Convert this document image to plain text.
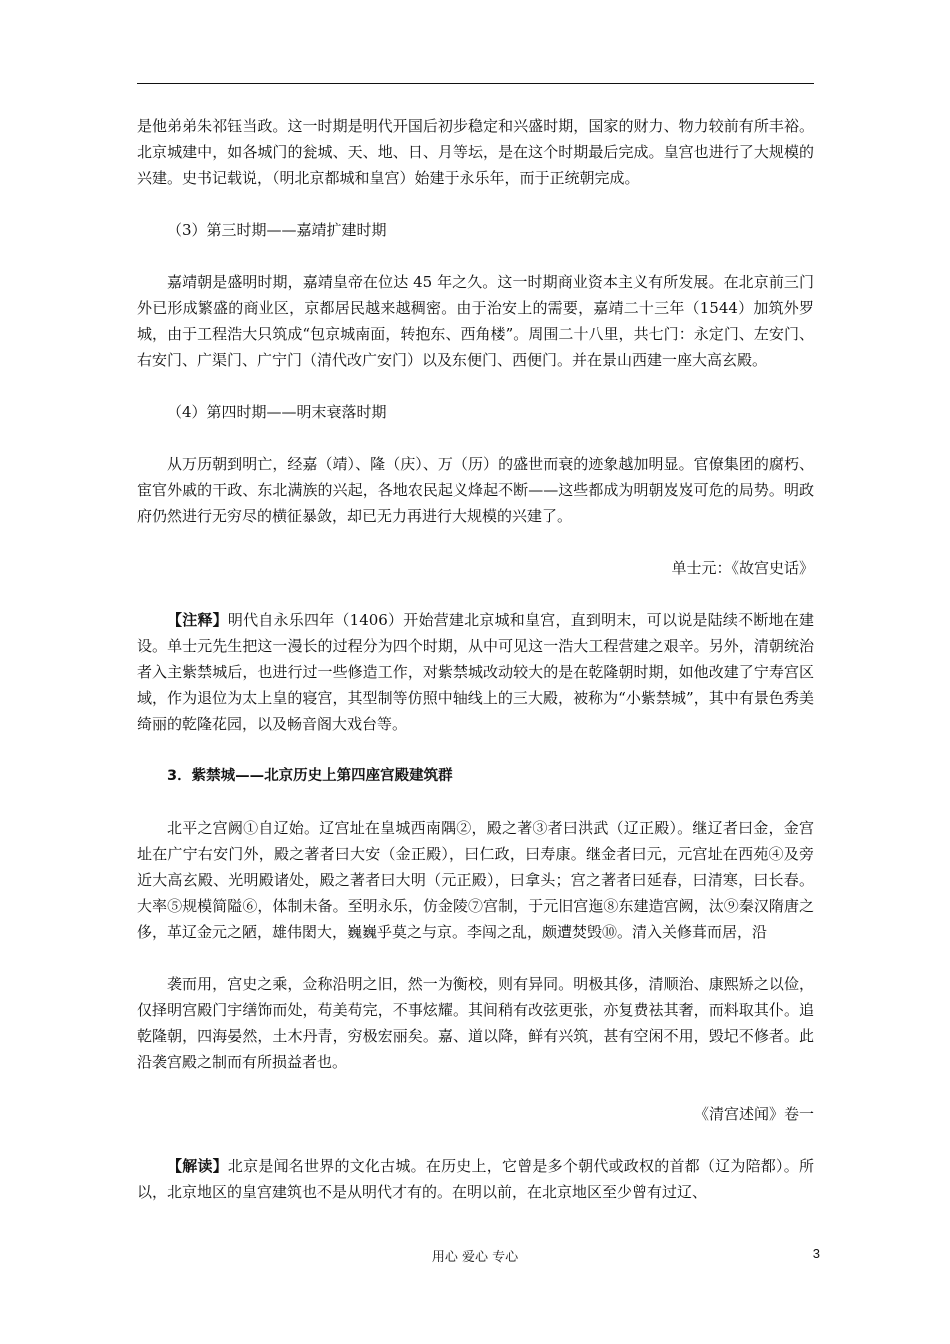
是他弟弟朱祁钰当政。这一时期是明代开国后初步稳定和兴盛时期，国家的财力、物力较前有所丰裕。北京城建中，如各城门的瓮城、天、地、日、月等坛，是在这个时期最后完成。皇宫也进行了大规模的兴建。史书记载说，（明北京都城和皇宫）始建于永乐年，而于正统朝完成。

（3）第三时期——嘉靖扩建时期

嘉靖朝是盛明时期，嘉靖皇帝在位达 45 年之久。这一时期商业资本主义有所发展。在北京前三门外已形成繁盛的商业区，京都居民越来越稠密。由于治安上的需要，嘉靖二十三年（1544）加筑外罗城，由于工程浩大只筑成“包京城南面，转抱东、西角楼”。周围二十八里，共七门：永定门、左安门、右安门、广渠门、广宁门（清代改广安门）以及东便门、西便门。并在景山西建一座大高玄殿。

（4）第四时期——明末衰落时期

从万历朝到明亡，经嘉（靖）、隆（庆）、万（历）的盛世而衰的迹象越加明显。官僚集团的腐朽、宦官外戚的干政、东北满族的兴起，各地农民起义烽起不断——这些都成为明朝岌岌可危的局势。明政府仍然进行无穷尽的横征暴敛，却已无力再进行大规模的兴建了。

单士元：《故宫史话》

【注释】明代自永乐四年（1406）开始营建北京城和皇宫，直到明末，可以说是陆续不断地在建设。单士元先生把这一漫长的过程分为四个时期，从中可见这一浩大工程营建之艰辛。另外，清朝统治者入主紫禁城后，也进行过一些修造工作，对紫禁城改动较大的是在乾隆朝时期，如他改建了宁寿宫区域，作为退位为太上皇的寝宫，其型制等仿照中轴线上的三大殿，被称为“小紫禁城”，其中有景色秀美绮丽的乾隆花园，以及畅音阁大戏台等。

3．紫禁城——北京历史上第四座宫殿建筑群

北平之宫阙①自辽始。辽宫址在皇城西南隅②，殿之著③者曰洪武（辽正殿）。继辽者曰金，金宫址在广宁右安门外，殿之著者曰大安（金正殿），曰仁政，曰寿康。继金者曰元，元宫址在西苑④及旁近大高玄殿、光明殿诸处，殿之著者曰大明（元正殿），曰拿头；宫之著者曰延春，曰清寒，曰长春。大率⑤规模简隘⑥，体制未备。至明永乐，仿金陵⑦宫制，于元旧宫迤⑧东建造宫阙，汰⑨秦汉隋唐之侈，革辽金元之陋，雄伟閎大，巍巍乎莫之与京。李闯之乱，颇遭焚毁⑩。清入关修葺而居，沿

袭而用，宫史之乘，佥称沿明之旧，然一为衡校，则有异同。明极其侈，清顺治、康熙矫之以俭，仅择明宫殿门宇缮饰而处，苟美苟完，不事炫耀。其间稍有改弦更张，亦复费祛其奢，而料取其仆。追乾隆朝，四海晏然，土木丹青，穷极宏丽矣。嘉、道以降，鲜有兴筑，甚有空闲不用，毁圮不修者。此沿袭宫殿之制而有所损益者也。

《清宫述闻》卷一

【解读】北京是闻名世界的文化古城。在历史上，它曾是多个朝代或政权的首都（辽为陪都）。所以，北京地区的皇宫建筑也不是从明代才有的。在明以前，在北京地区至少曾有过辽、

用心 爱心 专心	3
